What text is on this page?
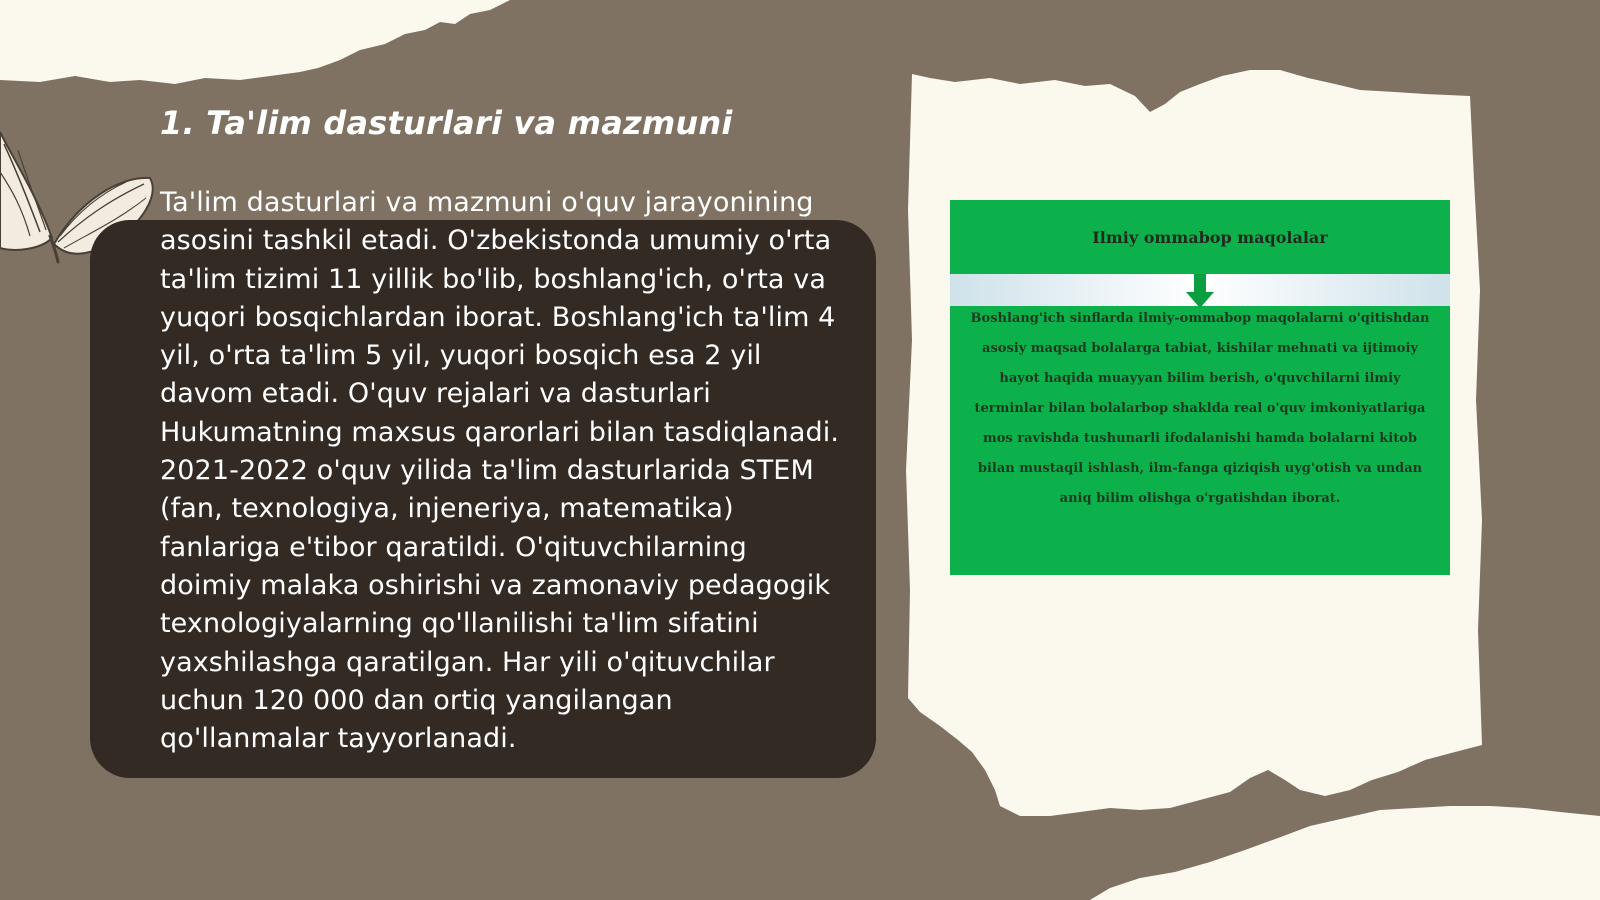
1. Ta'lim dasturlari va mazmuni

Ta'lim dasturlari va mazmuni o'quv jarayonining asosini tashkil etadi. O'zbekistonda umumiy o'rta ta'lim tizimi 11 yillik bo'lib, boshlang'ich, o'rta va yuqori bosqichlardan iborat. Boshlang'ich ta'lim 4 yil, o'rta ta'lim 5 yil, yuqori bosqich esa 2 yil davom etadi. O'quv rejalari va dasturlari Hukumatning maxsus qarorlari bilan tasdiqlanadi. 2021-2022 o'quv yilida ta'lim dasturlarida STEM (fan, texnologiya, injeneriya, matematika) fanlariga e'tibor qaratildi. O'qituvchilarning doimiy malaka oshirishi va zamonaviy pedagogik texnologiyalarning qo'llanilishi ta'lim sifatini yaxshilashga qaratilgan. Har yili o'qituvchilar uchun 120 000 dan ortiq yangilangan qo'llanmalar tayyorlanadi.

Ilmiy ommabop maqolalar

Boshlang'ich sinflarda ilmiy-ommabop maqolalarni o'qitishdan asosiy maqsad bolalarga tabiat, kishilar mehnati va ijtimoiy hayot haqida muayyan bilim berish, o'quvchilarni ilmiy terminlar bilan bolalarbop shaklda real o'quv imkoniyatlariga mos ravishda tushunarli ifodalanishi hamda bolalarni kitob bilan mustaqil ishlash, ilm-fanga qiziqish uyg'otish va undan aniq bilim olishga o'rgatishdan iborat.
